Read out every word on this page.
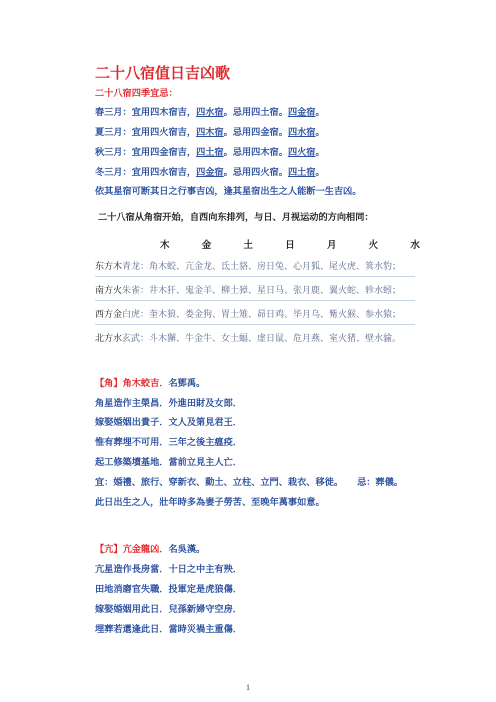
二十八宿值日吉凶歌
二十八宿四季宜忌：
春三月：宜用四木宿吉，四水宿。忌用四土宿。四金宿。
夏三月：宜用四火宿吉，四木宿。忌用四金宿。四水宿。
秋三月：宜用四金宿吉，四土宿。忌用四木宿。四火宿。
冬三月：宜用四水宿吉，四金宿。忌用四火宿。四土宿。
依其星宿可断其日之行事吉凶，逢其星宿出生之人能断一生吉凶。
二十八宿从角宿开始，自西向东排列，与日、月视运动的方向相同：
木	金	土	日	月	火	水
东方木青龙：角木蛟、亢金龙、氐土貉、房日兔、心月狐、尾火虎、箕水豹；
南方火朱雀：井木犴、鬼金羊、柳土獐、星日马、张月鹿、翼火蛇、轸水蚓；
西方金白虎：奎木狼、娄金狗、胃土雉、昴日鸡、毕月乌、觜火猴、参水猿；
北方水玄武：斗木獬、牛金牛、女土蝠、虚日鼠、危月燕、室火猪、壁水貐。
【角】角木蛟吉．名鄧禹。
角星造作主榮昌．外進田財及女郎．
嫁娶婚姻出貴子．文人及第見君王．
惟有葬埋不可用．三年之後主瘟疫．
起工修築墳基地．當前立見主人亡．
宜：婚禮、旅行、穿新衣、動土、立柱、立門、栽衣、移徙。 忌：葬儀。
此日出生之人，壯年時多為妻子勞苦、至晚年萬事如意。
【亢】亢金龍凶．名吳漢。
亢星造作長房當．十日之中主有殃．
田地消磨官失職．投軍定是虎狼傷．
嫁娶婚姻用此日．兒孫新婦守空房．
埋葬若還逢此日．當時災禍主重傷．
1
